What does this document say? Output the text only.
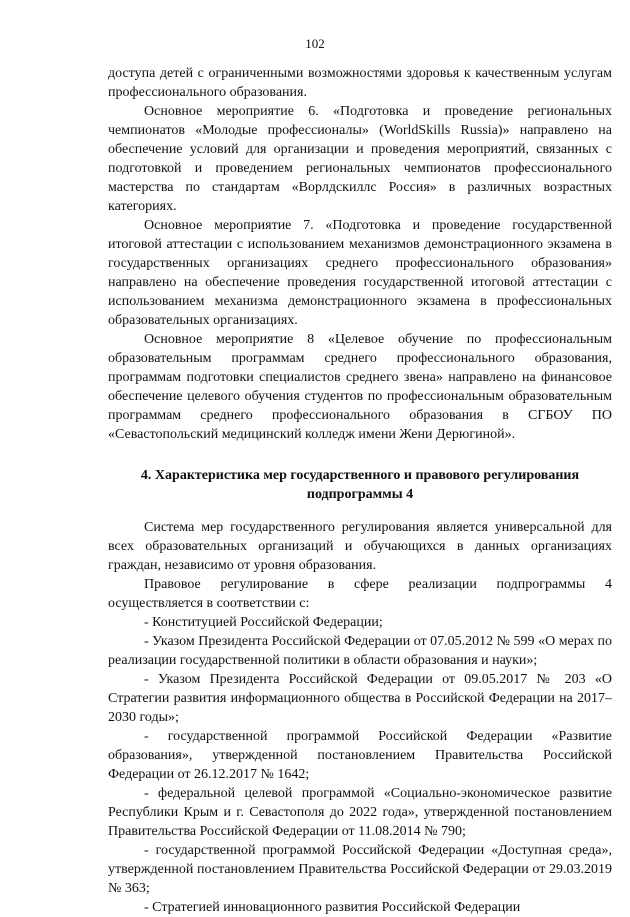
102

доступа детей с ограниченными возможностями здоровья к качественным услугам профессионального образования.

Основное мероприятие 6. «Подготовка и проведение региональных чемпионатов «Молодые профессионалы» (WorldSkills Russia)» направлено на обеспечение условий для организации и проведения мероприятий, связанных с подготовкой и проведением региональных чемпионатов профессионального мастерства по стандартам «Ворлдскиллс Россия» в различных возрастных категориях.

Основное мероприятие 7. «Подготовка и проведение государственной итоговой аттестации с использованием механизмов демонстрационного экзамена в государственных организациях среднего профессионального образования» направлено на обеспечение проведения государственной итоговой аттестации с использованием механизма демонстрационного экзамена в профессиональных образовательных организациях.

Основное мероприятие 8 «Целевое обучение по профессиональным образовательным программам среднего профессионального образования, программам подготовки специалистов среднего звена» направлено на финансовое обеспечение целевого обучения студентов по профессиональным образовательным программам среднего профессионального образования в СГБОУ ПО «Севастопольский медицинский колледж имени Жени Дерюгиной».

4. Характеристика мер государственного и правового регулирования
подпрограммы 4

Система мер государственного регулирования является универсальной для всех образовательных организаций и обучающихся в данных организациях граждан, независимо от уровня образования.

Правовое регулирование в сфере реализации подпрограммы 4 осуществляется в соответствии с:

- Конституцией Российской Федерации;

- Указом Президента Российской Федерации от 07.05.2012 № 599 «О мерах по реализации государственной политики в области образования и науки»;

- Указом Президента Российской Федерации от 09.05.2017 № 203 «О Стратегии развития информационного общества в Российской Федерации на 2017–2030 годы»;

- государственной программой Российской Федерации «Развитие образования», утвержденной постановлением Правительства Российской Федерации от 26.12.2017 № 1642;

- федеральной целевой программой «Социально-экономическое развитие Республики Крым и г. Севастополя до 2022 года», утвержденной постановлением Правительства Российской Федерации от 11.08.2014 № 790;

- государственной программой Российской Федерации «Доступная среда», утвержденной постановлением Правительства Российской Федерации от 29.03.2019 № 363;

- Стратегией инновационного развития Российской Федерации
